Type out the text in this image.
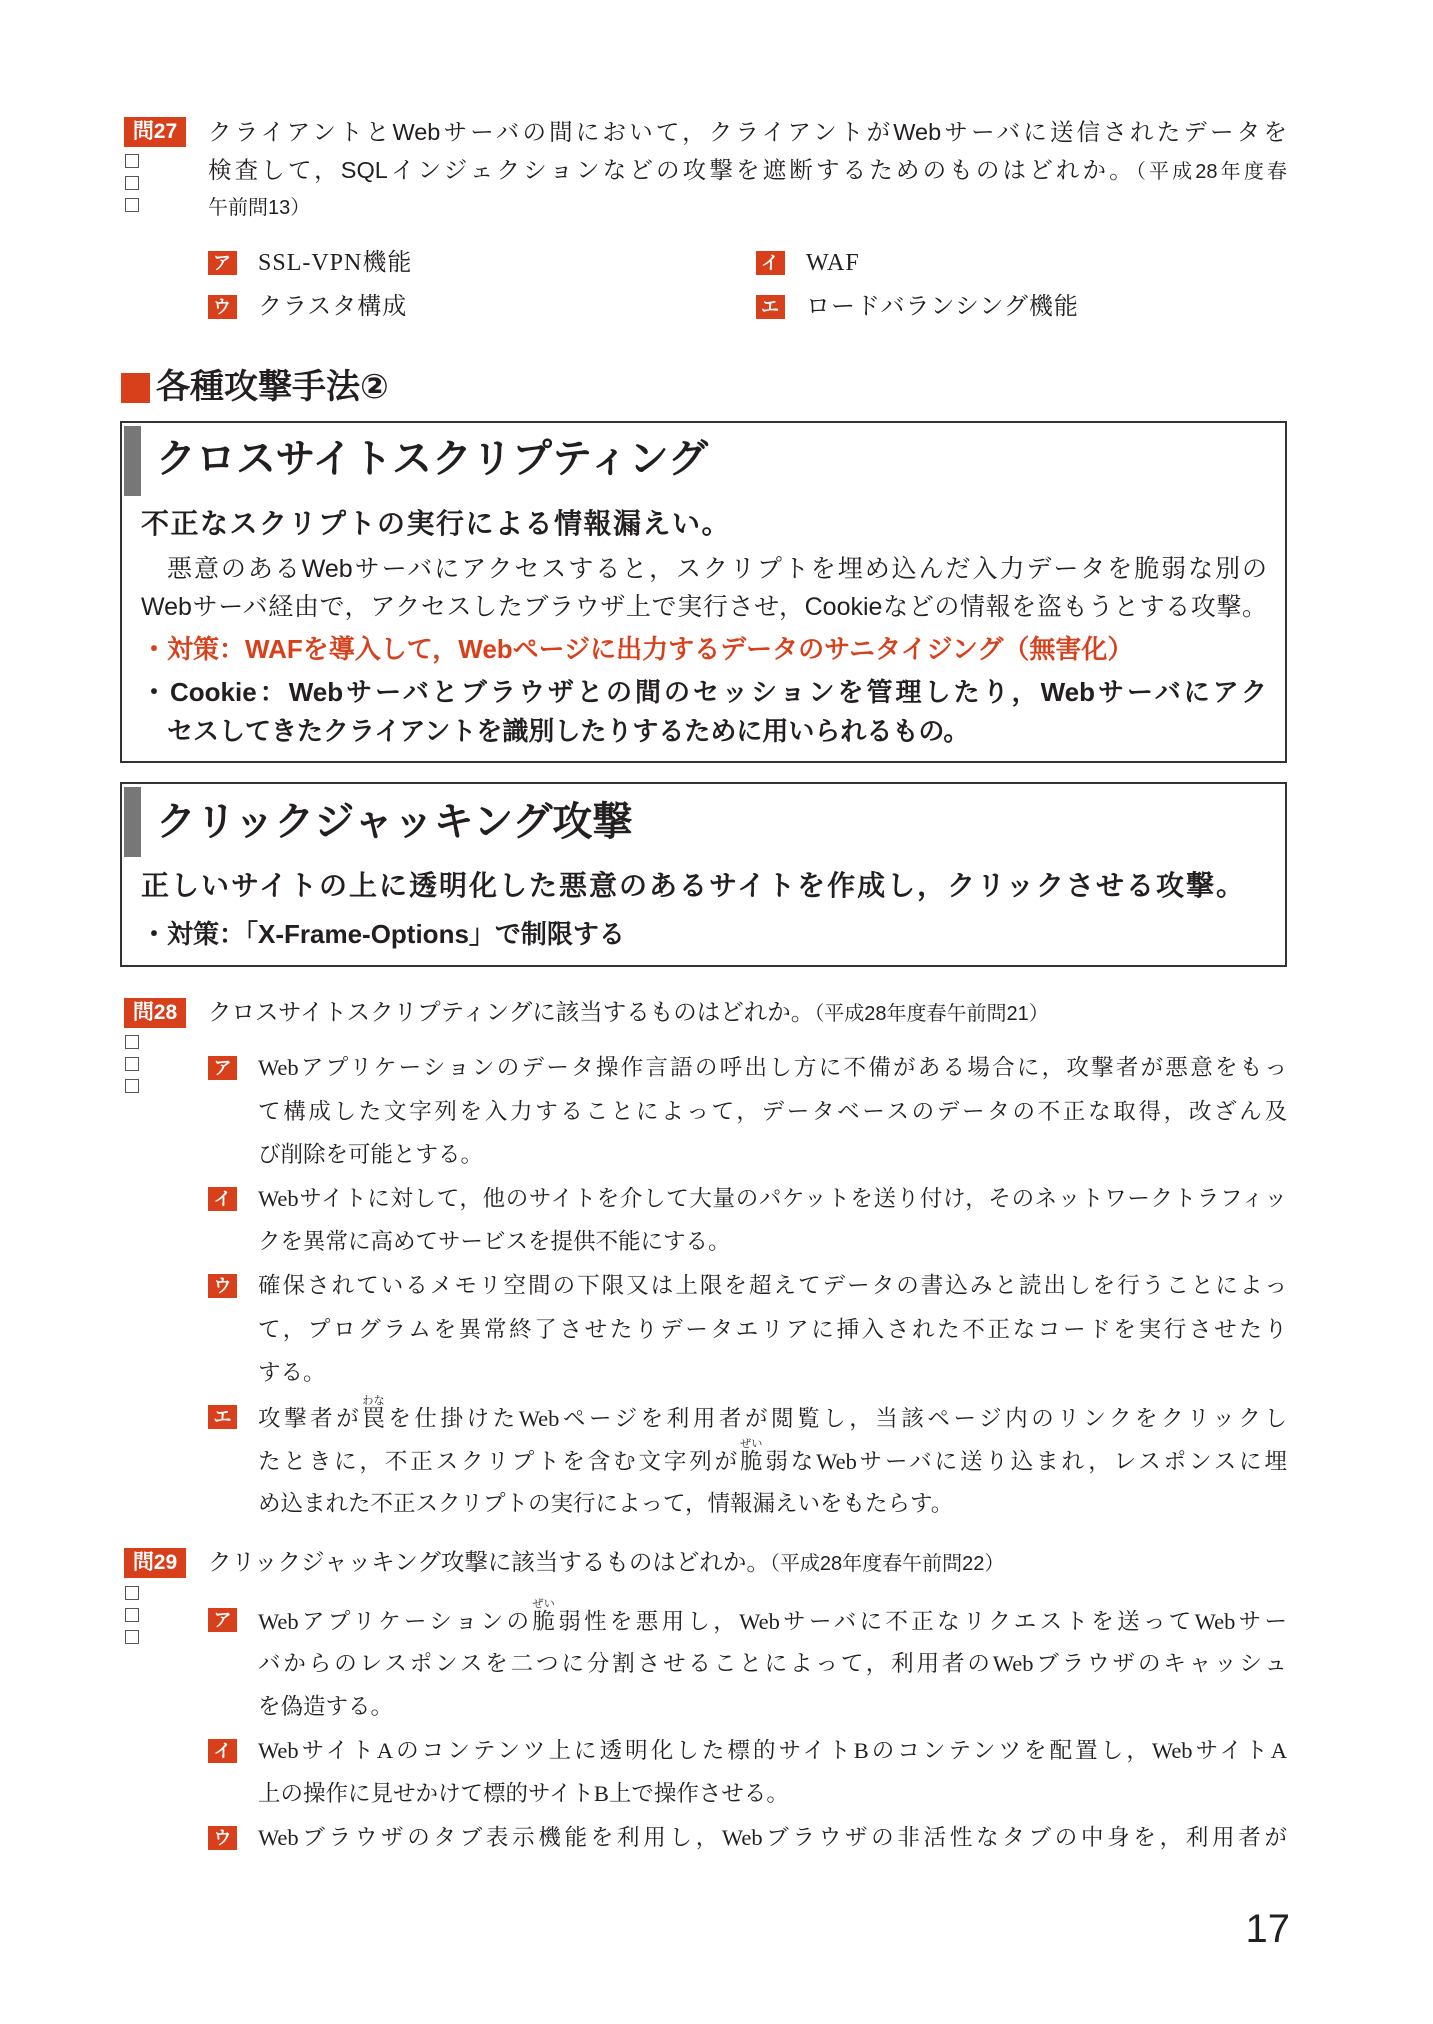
問27	クライアントとWebサーバの間において，クライアントがWebサーバに送信されたデータを
検査して，SQLインジェクションなどの攻撃を遮断するためのものはどれか。（平成28年度春
午前問13）
ア SSL-VPN機能	イ WAF
ウ クラスタ構成	エ ロードバランシング機能
各種攻撃手法②
クロスサイトスクリプティング
不正なスクリプトの実行による情報漏えい。
悪意のあるWebサーバにアクセスすると，スクリプトを埋め込んだ入力データを脆弱な別の
Webサーバ経由で，アクセスしたブラウザ上で実行させ，Cookieなどの情報を盗もうとする攻撃。
・対策：WAFを導入して，Webページに出力するデータのサニタイジング（無害化）
・Cookie：Webサーバとブラウザとの間のセッションを管理したり，Webサーバにアク
セスしてきたクライアントを識別したりするために用いられるもの。
クリックジャッキング攻撃
正しいサイトの上に透明化した悪意のあるサイトを作成し，クリックさせる攻撃。
・対策：「X-Frame-Options」で制限する
問28	クロスサイトスクリプティングに該当するものはどれか。（平成28年度春午前問21）
ア Webアプリケーションのデータ操作言語の呼出し方に不備がある場合に，攻撃者が悪意をもっ
て構成した文字列を入力することによって，データベースのデータの不正な取得，改ざん及
び削除を可能とする。
イ Webサイトに対して，他のサイトを介して大量のパケットを送り付け，そのネットワークトラフィッ
クを異常に高めてサービスを提供不能にする。
ウ 確保されているメモリ空間の下限又は上限を超えてデータの書込みと読出しを行うことによっ
て，プログラムを異常終了させたりデータエリアに挿入された不正なコードを実行させたり
する。
エ 攻撃者が罠わなを仕掛けたWebページを利用者が閲覧し，当該ページ内のリンクをクリックし
たときに，不正スクリプトを含む文字列が脆ぜい弱なWebサーバに送り込まれ，レスポンスに埋
め込まれた不正スクリプトの実行によって，情報漏えいをもたらす。
問29	クリックジャッキング攻撃に該当するものはどれか。（平成28年度春午前問22）
ア Webアプリケーションの脆ぜい弱性を悪用し，Webサーバに不正なリクエストを送ってWebサー
バからのレスポンスを二つに分割させることによって，利用者のWebブラウザのキャッシュ
を偽造する。
イ WebサイトAのコンテンツ上に透明化した標的サイトBのコンテンツを配置し，WebサイトA
上の操作に見せかけて標的サイトB上で操作させる。
ウ Webブラウザのタブ表示機能を利用し，Webブラウザの非活性なタブの中身を，利用者が
17
